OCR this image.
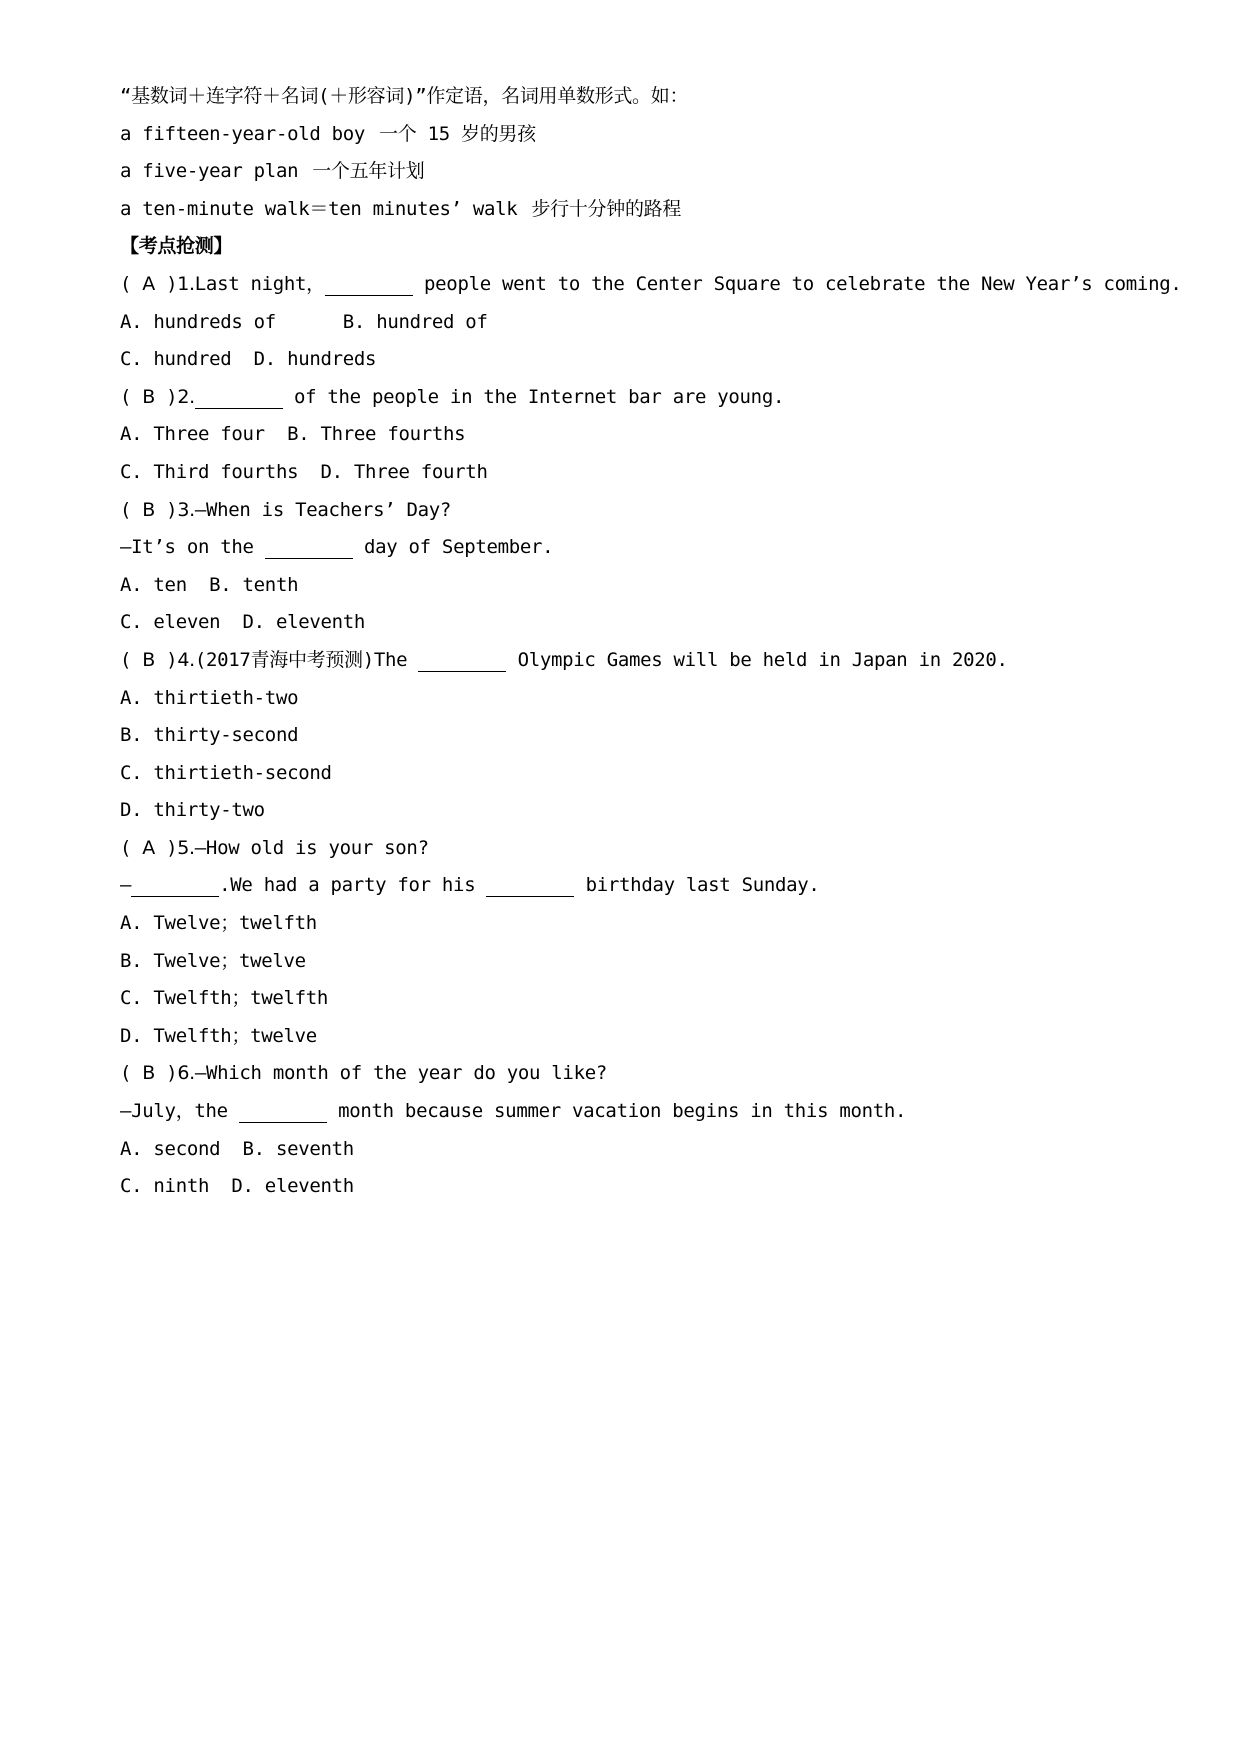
“基数词＋连字符＋名词(＋形容词)”作定语，名词用单数形式。如：
a fifteen-year-old boy 一个 15 岁的男孩
a five-year plan 一个五年计划
a ten-minute walk＝ten minutes’ walk 步行十分钟的路程
【考点抢测】
( A )1.Last night，	people went to the Center Square to celebrate the New Year’s coming.
A. hundreds of      B. hundred of
C. hundred  D. hundreds
( B )2.	of the people in the Internet bar are young.
A. Three four  B. Three fourths
C. Third fourths  D. Three fourth
( B )3.—When is Teachers’ Day?
—It’s on the	day of September.
A. ten  B. tenth
C. eleven  D. eleventh
( B )4.(2017青海中考预测)The	Olympic Games will be held in Japan in 2020.
A. thirtieth-two
B. thirty-second
C. thirtieth-second
D. thirty-two
( A )5.—How old is your son?
—	.We had a party for his	birthday last Sunday.
A. Twelve；twelfth
B. Twelve；twelve
C. Twelfth；twelfth
D. Twelfth；twelve
( B )6.—Which month of the year do you like?
—July，the	month because summer vacation begins in this month.
A. second  B. seventh
C. ninth  D. eleventh
